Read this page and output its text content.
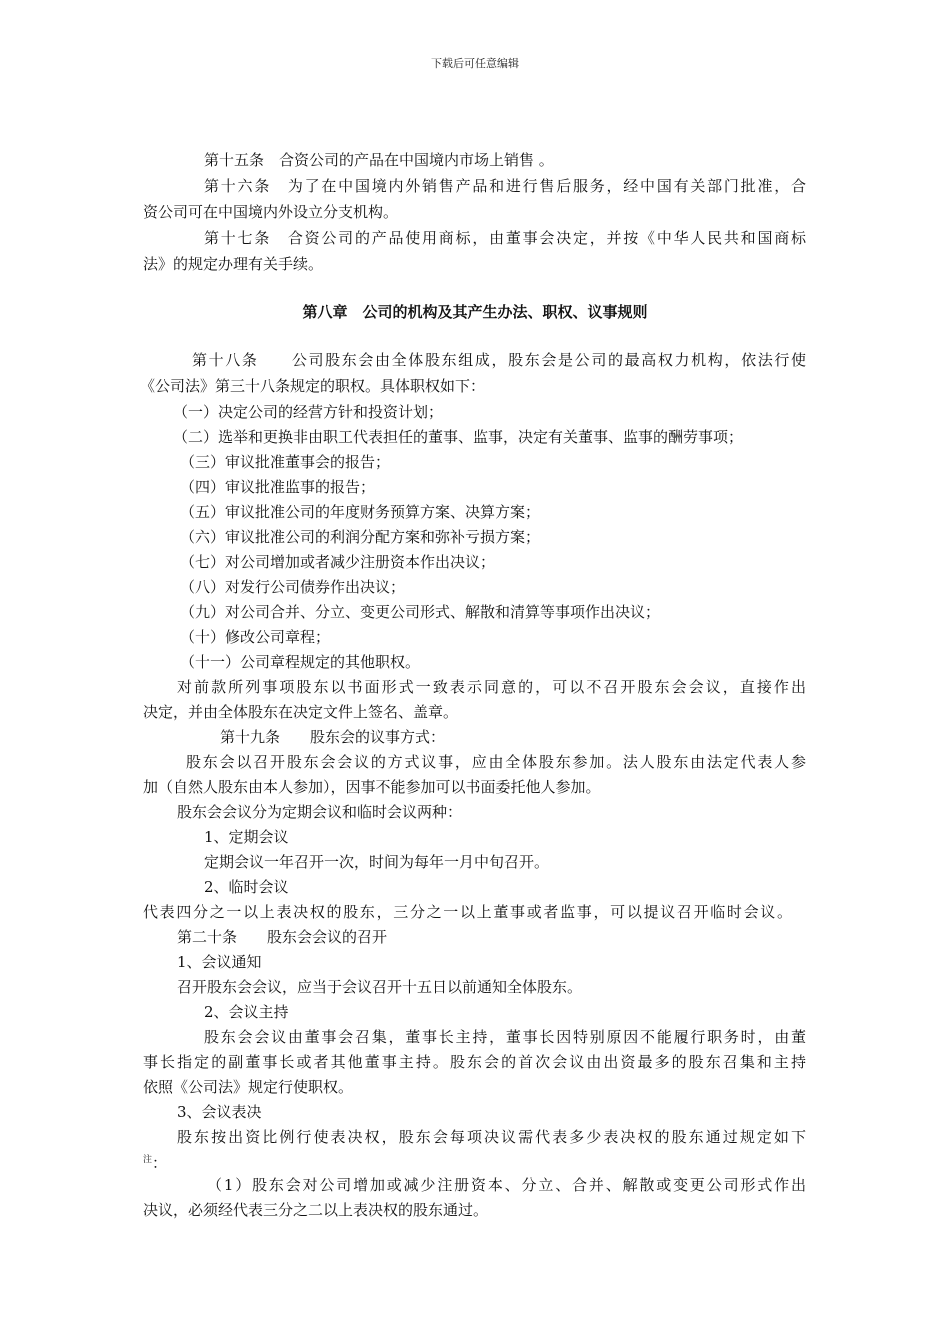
下载后可任意编辑
第十五条　合资公司的产品在中国境内市场上销售 。
第十六条　为了在中国境内外销售产品和进行售后服务，经中国有关部门批准，合
资公司可在中国境内外设立分支机构。
第十七条　合资公司的产品使用商标，由董事会决定，并按《中华人民共和国商标
法》的规定办理有关手续。
第八章　公司的机构及其产生办法、职权、议事规则
第十八条　　公司股东会由全体股东组成，股东会是公司的最高权力机构，依法行使
《公司法》第三十八条规定的职权。具体职权如下：
（一）决定公司的经营方针和投资计划；
（二）选举和更换非由职工代表担任的董事、监事，决定有关董事、监事的酬劳事项；
（三）审议批准董事会的报告；
（四）审议批准监事的报告；
（五）审议批准公司的年度财务预算方案、决算方案；
（六）审议批准公司的利润分配方案和弥补亏损方案；
（七）对公司增加或者减少注册资本作出决议；
（八）对发行公司债券作出决议；
（九）对公司合并、分立、变更公司形式、解散和清算等事项作出决议；
（十）修改公司章程；
（十一）公司章程规定的其他职权。
对前款所列事项股东以书面形式一致表示同意的，可以不召开股东会会议，直接作出
决定，并由全体股东在决定文件上签名、盖章。
第十九条　　股东会的议事方式：
股东会以召开股东会会议的方式议事，应由全体股东参加。法人股东由法定代表人参
加（自然人股东由本人参加），因事不能参加可以书面委托他人参加。
股东会会议分为定期会议和临时会议两种：
1、定期会议
定期会议一年召开一次，时间为每年一月中旬召开。
2、临时会议
代表四分之一以上表决权的股东，三分之一以上董事或者监事，可以提议召开临时会议。
第二十条　　股东会会议的召开
1、会议通知
召开股东会会议，应当于会议召开十五日以前通知全体股东。
2、会议主持
股东会会议由董事会召集，董事长主持，董事长因特别原因不能履行职务时，由董
事长指定的副董事长或者其他董事主持。股东会的首次会议由出资最多的股东召集和主持
依照《公司法》规定行使职权。
3、会议表决
股东按出资比例行使表决权，股东会每项决议需代表多少表决权的股东通过规定如下
$^注$：
（1）股东会对公司增加或减少注册资本、分立、合并、解散或变更公司形式作出
决议，必须经代表三分之二以上表决权的股东通过。
